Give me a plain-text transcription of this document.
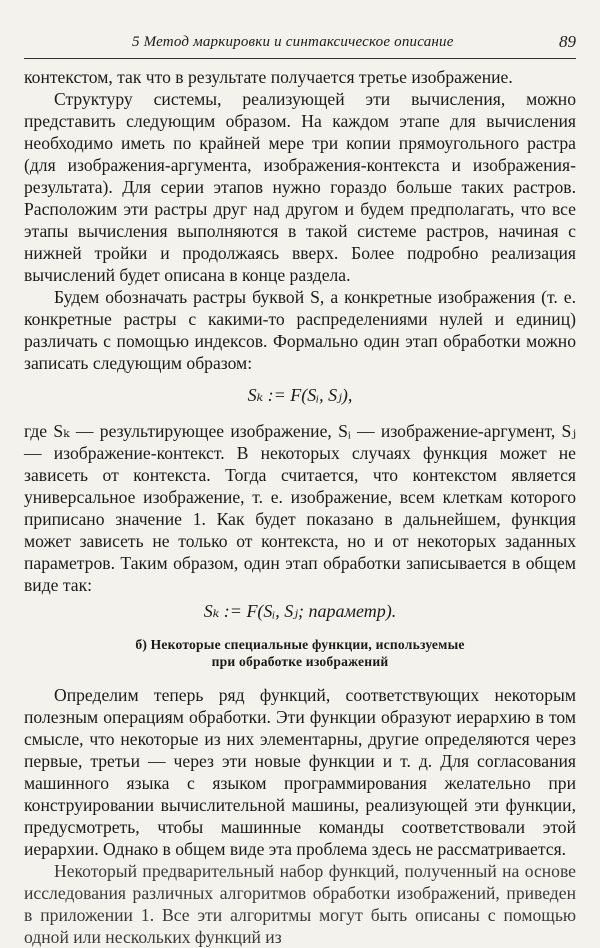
5 Метод маркировки и синтаксическое описание	89

контекстом, так что в результате получается третье изображение.

Структуру системы, реализующей эти вычисления, можно представить следующим образом. На каждом этапе для вычисления необходимо иметь по крайней мере три копии прямоугольного растра (для изображения-аргумента, изображения-контекста и изображения-результата). Для серии этапов нужно гораздо больше таких растров. Расположим эти растры друг над другом и будем предполагать, что все этапы вычисления выполняются в такой системе растров, начиная с нижней тройки и продолжаясь вверх. Более подробно реализация вычислений будет описана в конце раздела.

Будем обозначать растры буквой S, а конкретные изображения (т. е. конкретные растры с какими-то распределениями нулей и единиц) различать с помощью индексов. Формально один этап обработки можно записать следующим образом:

Sₖ := F(Sᵢ, Sⱼ),

где Sₖ — результирующее изображение, Sᵢ — изображение-аргумент, Sⱼ — изображение-контекст. В некоторых случаях функция может не зависеть от контекста. Тогда считается, что контекстом является универсальное изображение, т. е. изображение, всем клеткам которого приписано значение 1. Как будет показано в дальнейшем, функция может зависеть не только от контекста, но и от некоторых заданных параметров. Таким образом, один этап обработки записывается в общем виде так:

Sₖ := F(Sᵢ, Sⱼ; параметр).
б) Некоторые специальные функции, используемые
при обработке изображений

Определим теперь ряд функций, соответствующих некоторым полезным операциям обработки. Эти функции образуют иерархию в том смысле, что некоторые из них элементарны, другие определяются через первые, третьи — через эти новые функции и т. д. Для согласования машинного языка с языком программирования желательно при конструировании вычислительной машины, реализующей эти функции, предусмотреть, чтобы машинные команды соответствовали этой иерархии. Однако в общем виде эта проблема здесь не рассматривается.

Некоторый предварительный набор функций, полученный на основе исследования различных алгоритмов обработки изображений, приведен в приложении 1. Все эти алгоритмы могут быть описаны с помощью одной или нескольких функций из
